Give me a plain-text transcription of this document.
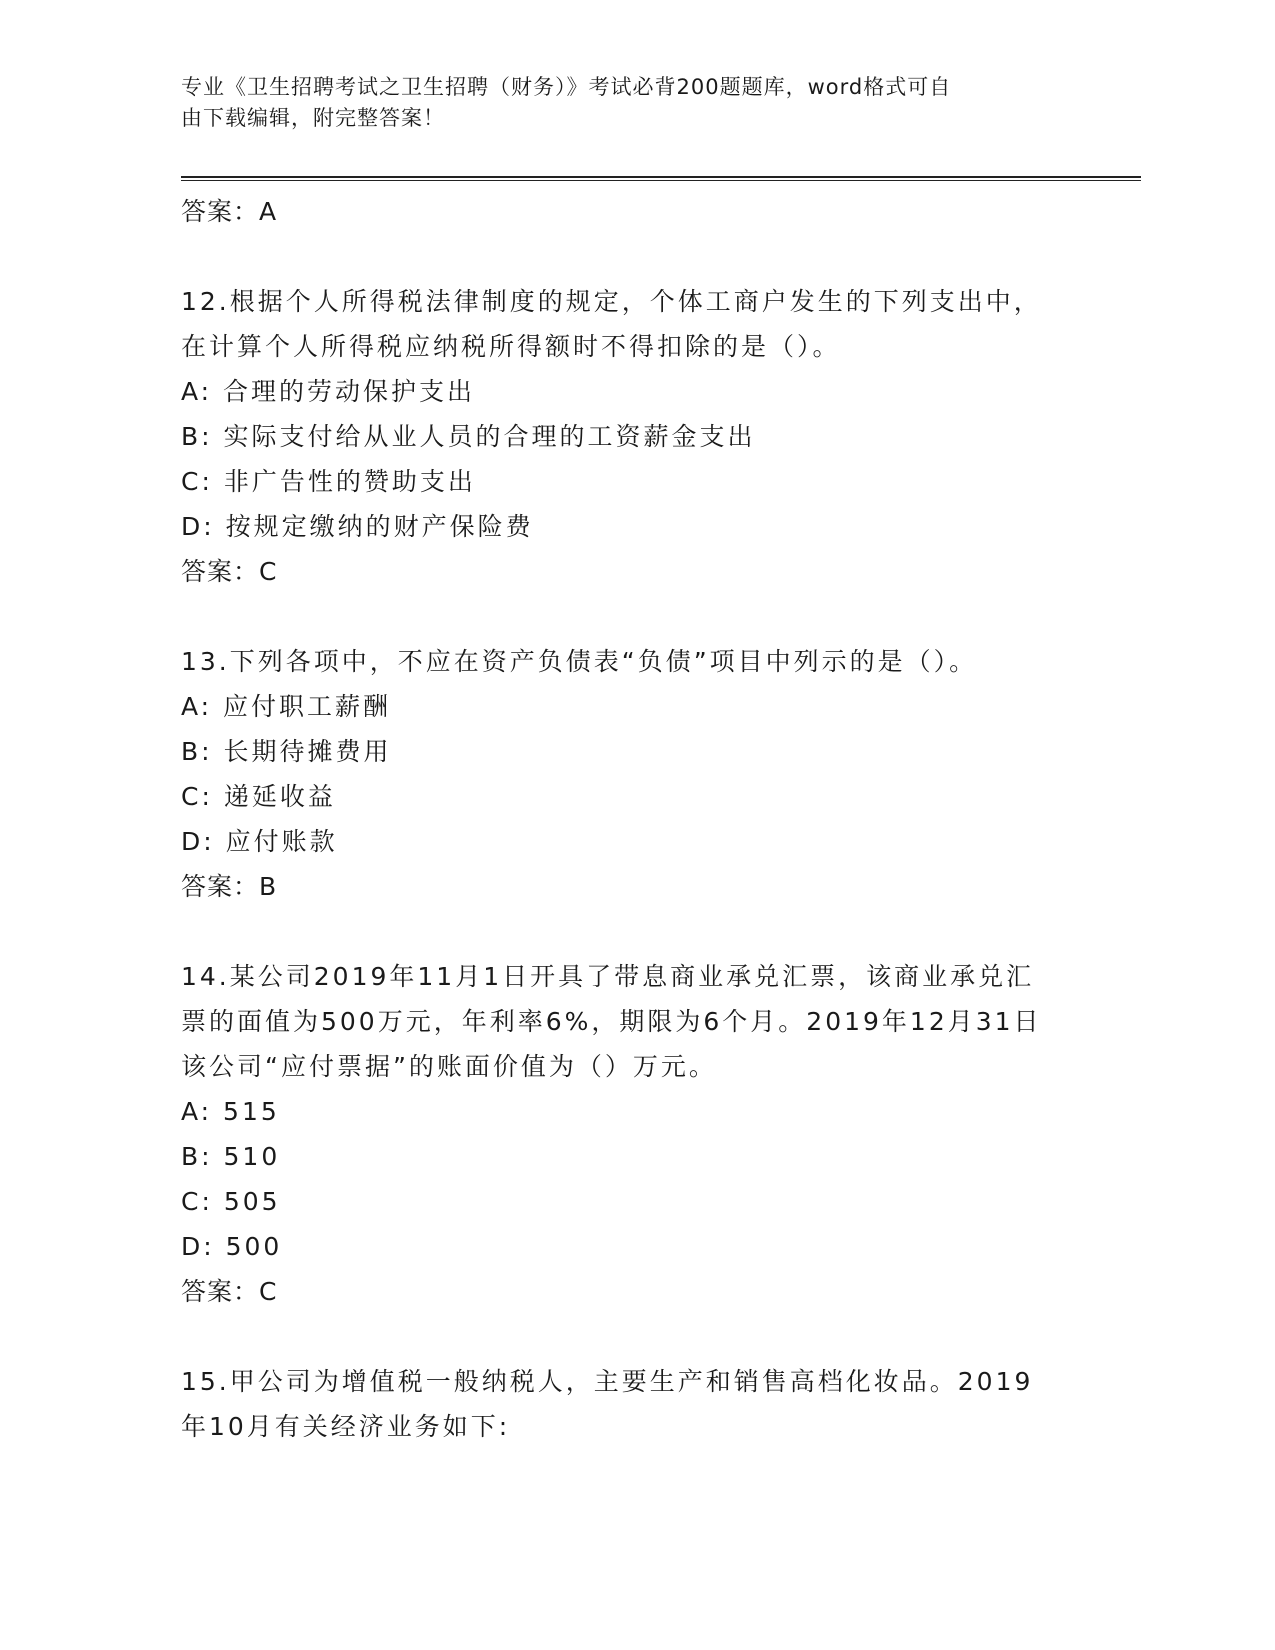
专业《卫生招聘考试之卫生招聘（财务）》考试必背200题题库，word格式可自
由下载编辑，附完整答案！
答案：A
12.根据个人所得税法律制度的规定，个体工商户发生的下列支出中，
在计算个人所得税应纳税所得额时不得扣除的是（）。
A: 合理的劳动保护支出
B: 实际支付给从业人员的合理的工资薪金支出
C: 非广告性的赞助支出
D: 按规定缴纳的财产保险费
答案：C
13.下列各项中，不应在资产负债表“负债”项目中列示的是（）。
A: 应付职工薪酬
B: 长期待摊费用
C: 递延收益
D: 应付账款
答案：B
14.某公司2019年11月1日开具了带息商业承兑汇票，该商业承兑汇
票的面值为500万元，年利率6%，期限为6个月。2019年12月31日
该公司“应付票据”的账面价值为（）万元。
A: 515
B: 510
C: 505
D: 500
答案：C
15.甲公司为增值税一般纳税人，主要生产和销售高档化妆品。2019
年10月有关经济业务如下:
